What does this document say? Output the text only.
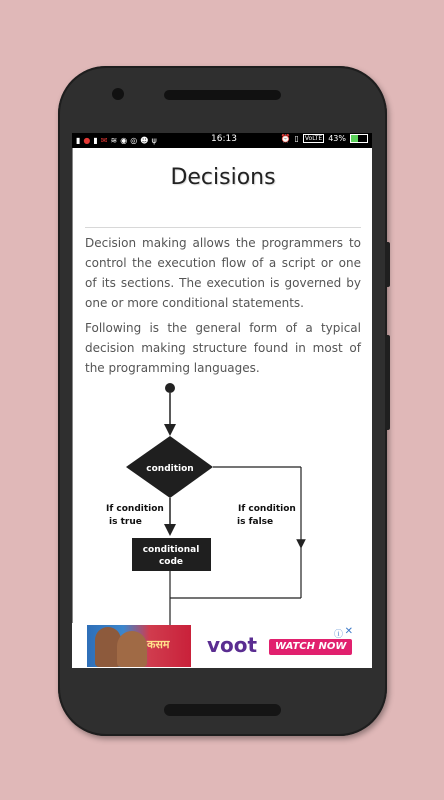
▮ ● ▮ ✉ ≋ ◉ ◎ ☻ ψ	16:13	⏰ ▯	VoLTE 43%
Decisions

Decision making allows the programmers to control the execution flow of a script or one of its sections. The execution is governed by one or more conditional statements.

Following is the general form of a typical decision making structure found in most of the programming languages.

condition
If condition
is true
If condition
is false
conditional
code
कसम voot	WATCH NOW
ⓘ ✕
